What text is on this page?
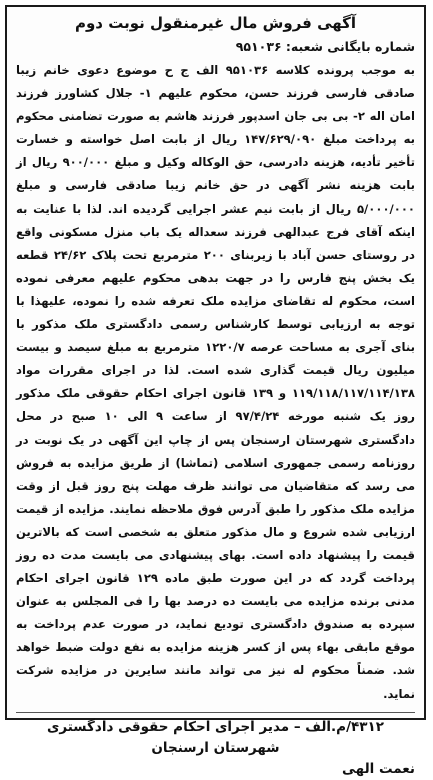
آگهی فروش مال غیرمنقول نوبت دوم
شماره بایگانی شعبه: ۹۵۱۰۳۶

به موجب پرونده کلاسه ۹۵۱۰۳۶ الف ج ح موضوع دعوی خانم زیبا صادقی فارسی فرزند حسن، محکوم علیهم ۱- جلال کشاورز فرزند امان اله ۲- بی بی جان اسدپور فرزند هاشم به صورت تضامنی محکوم به پرداخت مبلغ ۱۴۷/۶۲۹/۰۹۰ ریال از بابت اصل خواسته و خسارت تأخیر تأدیه، هزینه دادرسی، حق الوکاله وکیل و مبلغ ۹۰۰/۰۰۰ ریال از بابت هزینه نشر آگهی در حق خانم زیبا صادقی فارسی و مبلغ ۵/۰۰۰/۰۰۰ ریال از بابت نیم عشر اجرایی گردیده اند. لذا با عنایت به اینکه آقای فرج عبدالهی فرزند سعداله یک باب منزل مسکونی واقع در روستای حسن آباد با زیربنای ۲۰۰ مترمربع تحت پلاک ۲۴/۶۲ قطعه یک بخش پنج فارس را در جهت بدهی محکوم علیهم معرفی نموده است، محکوم له تقاضای مزایده ملک تعرفه شده را نموده، علیهذا با توجه به ارزیابی توسط کارشناس رسمی دادگستری ملک مذکور با بنای آجری به مساحت عرصه ۱۲۲۰/۷ مترمربع به مبلغ سیصد و بیست میلیون ریال قیمت گذاری شده است. لذا در اجرای مقررات مواد ۱۱۹/۱۱۸/۱۱۷/۱۱۴/۱۳۸ و ۱۳۹ قانون اجرای احکام حقوقی ملک مذکور روز یک شنبه مورخه ۹۷/۴/۲۴ از ساعت ۹ الی ۱۰ صبح در محل دادگستری شهرستان ارسنجان پس از چاپ این آگهی در یک نوبت در روزنامه رسمی جمهوری اسلامی (تماشا) از طریق مزایده به فروش می رسد که متقاضیان می توانند ظرف مهلت پنج روز قبل از وقت مزایده ملک مذکور را طبق آدرس فوق ملاحظه نمایند. مزایده از قیمت ارزیابی شده شروع و مال مذکور متعلق به شخصی است که بالاترین قیمت را پیشنهاد داده است. بهای پیشنهادی می بایست مدت ده روز پرداخت گردد که در این صورت طبق ماده ۱۲۹ قانون اجرای احکام مدنی برنده مزایده می بایست ده درصد بها را فی المجلس به عنوان سپرده به صندوق دادگستری تودیع نماید، در صورت عدم پرداخت به موقع مابقی بهاء پس از کسر هزینه مزایده به نفع دولت ضبط خواهد شد. ضمناً محکوم له نیز می تواند مانند سایرین در مزایده شرکت نماید.

۴۳۱۲/م.الف – مدیر اجرای احکام حقوقی دادگستری شهرستان ارسنجان
نعمت الهی
